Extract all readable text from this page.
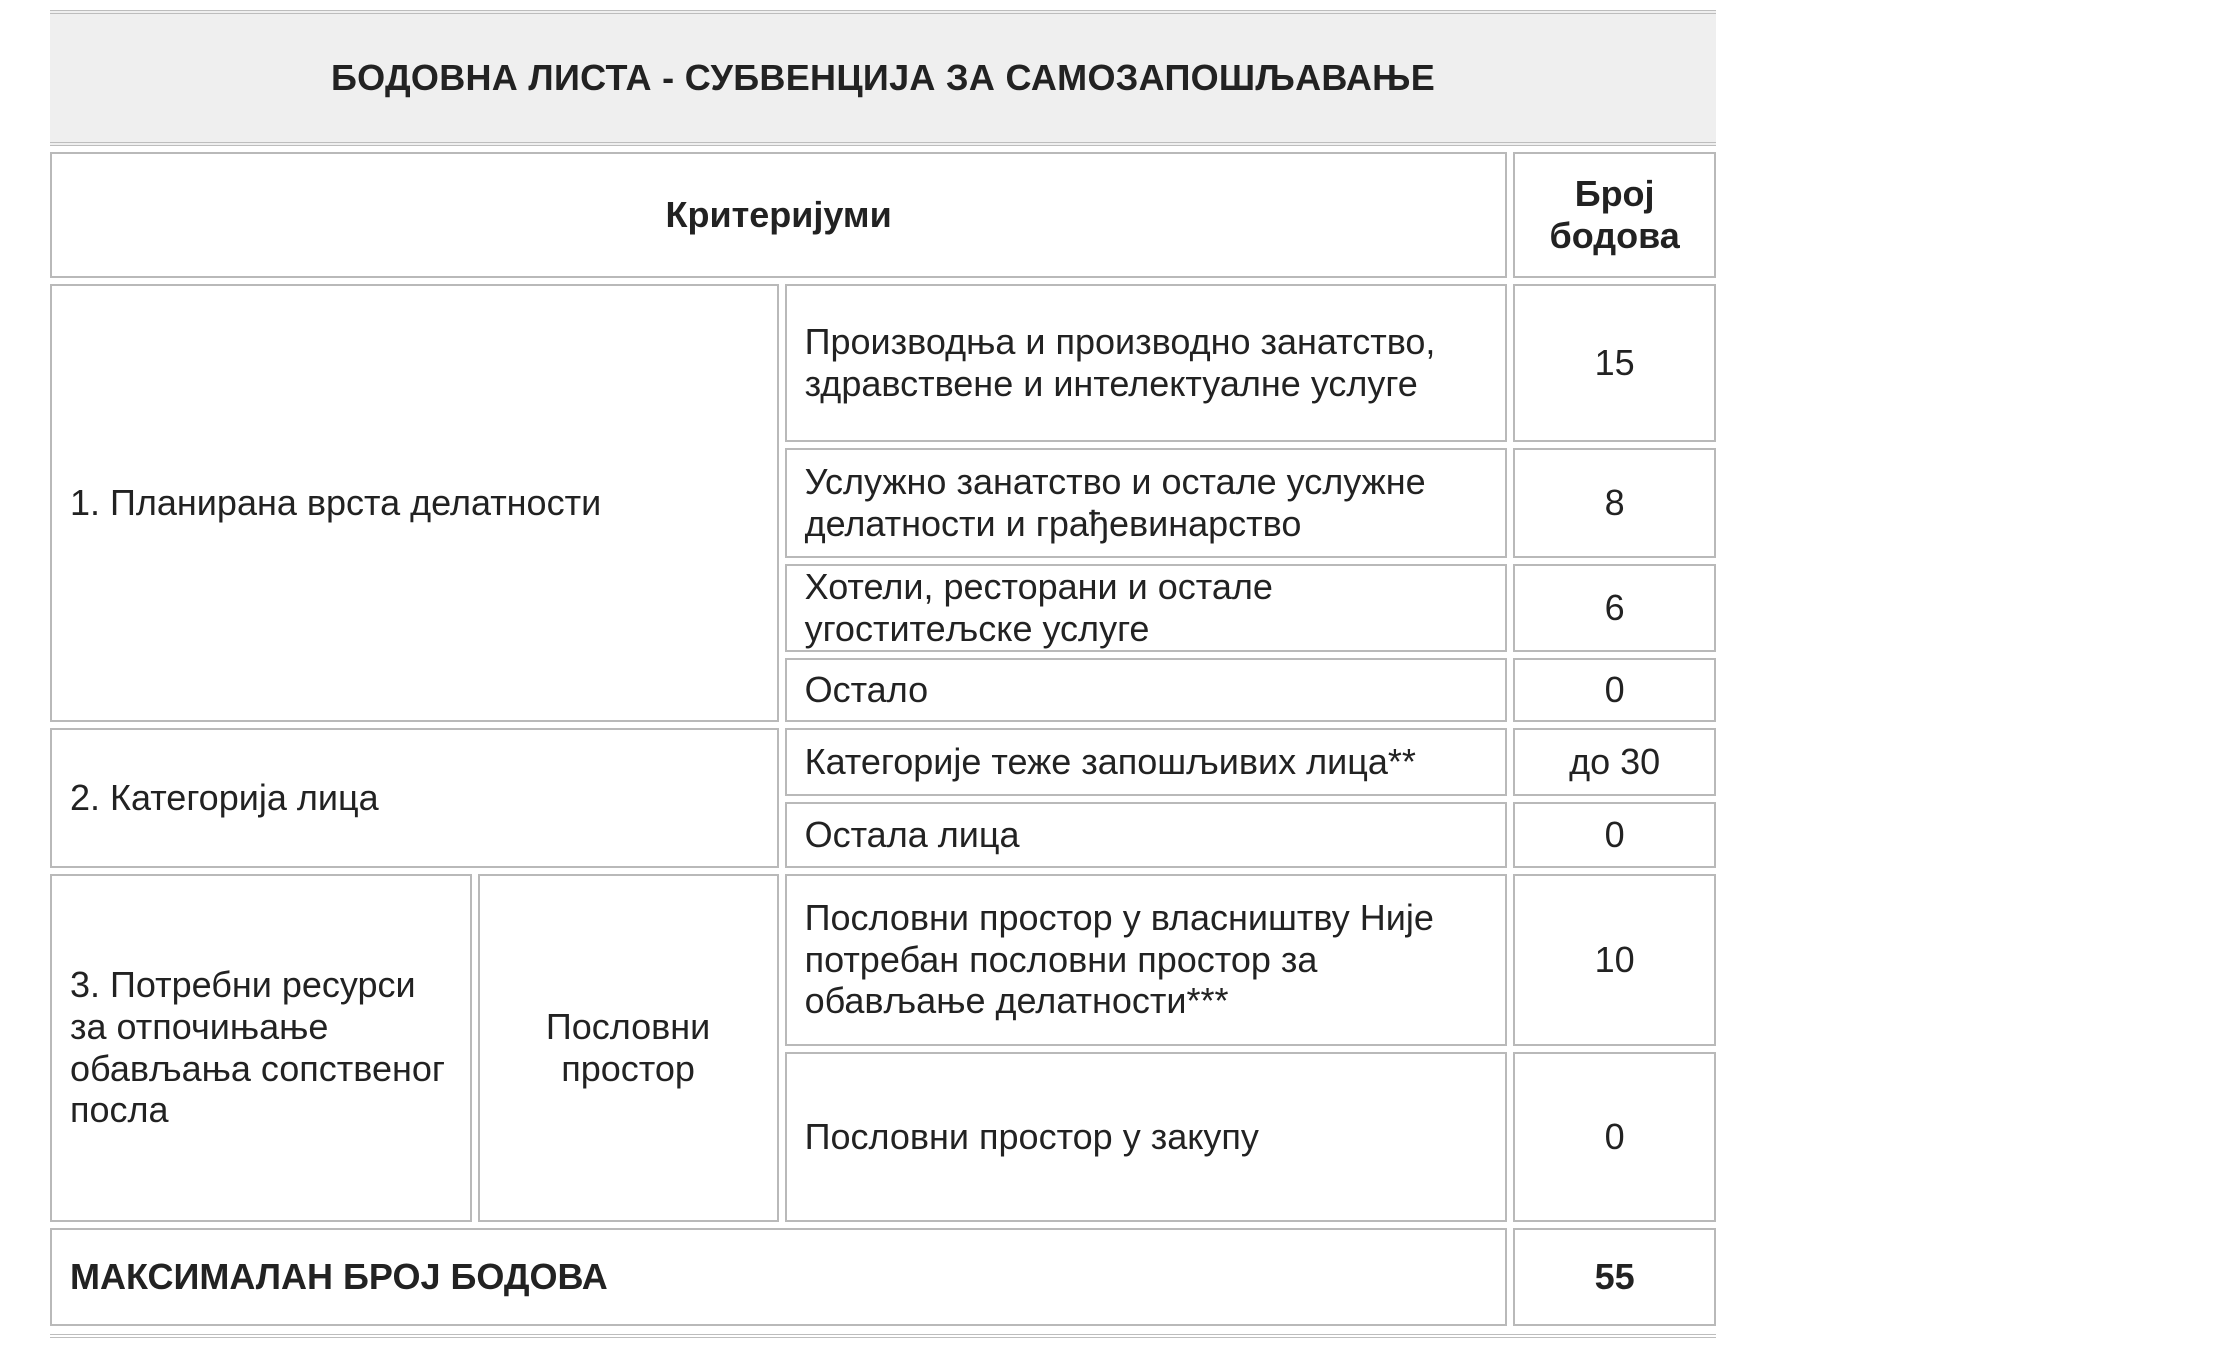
БОДОВНА ЛИСТА - СУБВЕНЦИЈА ЗА САМОЗАПОШЉАВАЊЕ
Критеријуми			Број
бодова
1. Планирана врста делатности		Производња и производно занатство, здравствене и интелектуалне услуге	15
		Услужно занатство и остале услужне делатности и грађевинарство	8
		Хотели, ресторани и остале угоститељске услуге	6
		Остало	0
2. Категорија лица		Категорије теже запошљивих лица**	до 30
		Остала лица	0
3. Потребни ресурси за отпочињање обављања сопственог посла	Пословни простор	Пословни простор у власништву Није потребан пословни простор за обављање делатности***	10
		Пословни простор у закупу	0
МАКСИМАЛАН БРОЈ БОДОВА			55
